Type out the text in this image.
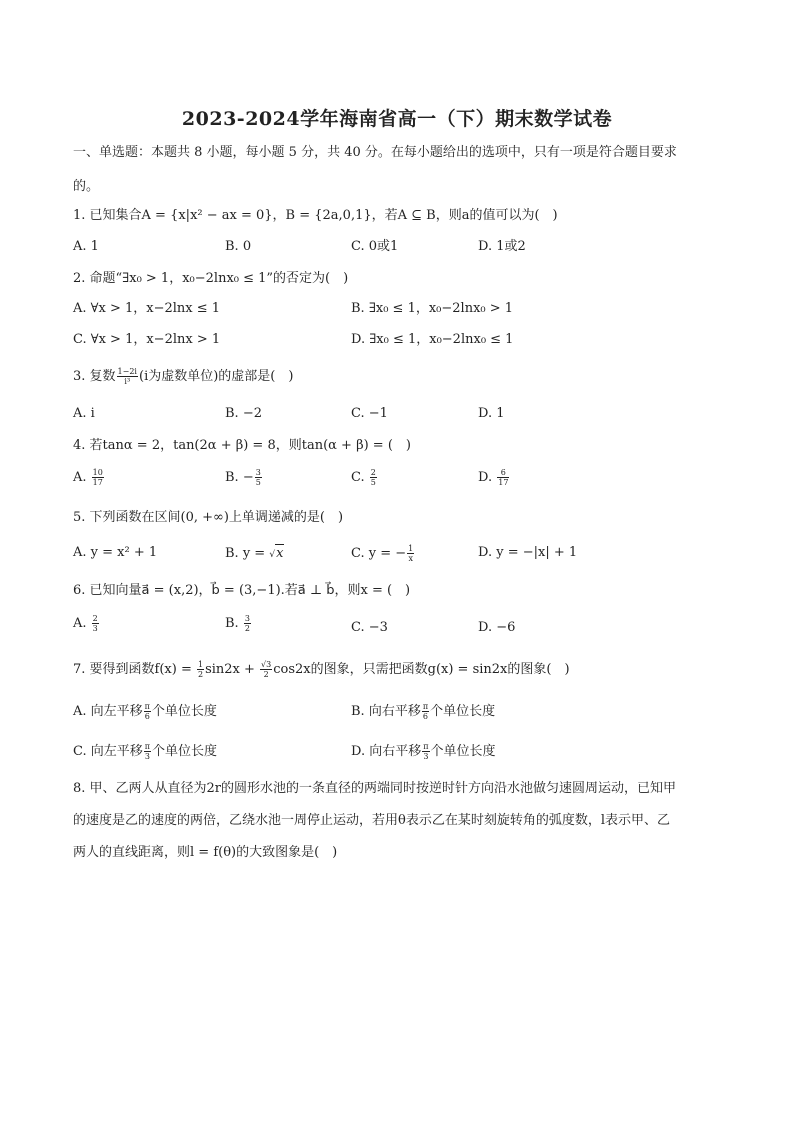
2023-2024学年海南省高一（下）期末数学试卷
一、单选题：本题共 8 小题，每小题 5 分，共 40 分。在每小题给出的选项中，只有一项是符合题目要求
的。
1. 已知集合A = {x|x² − ax = 0}，B = {2a,0,1}，若A ⊆ B，则a的值可以为(　)
A. 1	B. 0	C. 0或1	D. 1或2
2. 命题“∃x₀ > 1，x₀−2lnx₀ ≤ 1”的否定为(　)
A. ∀x > 1，x−2lnx ≤ 1	B. ∃x₀ ≤ 1，x₀−2lnx₀ > 1
C. ∀x > 1，x−2lnx > 1	D. ∃x₀ ≤ 1，x₀−2lnx₀ ≤ 1
3. 复数 $\frac{1-2i}{\text{i³}} (i$为虚数单位)的虚部是(　)
A. i	B. −2	C. −1	D. 1
4. 若tanα = 2，tan(2α + β) = 8，则tan(α + β) = (　)
A. $\frac{10}{17}$	B. − $\frac{3}{5}$	C. $\frac{2}{5}$	D. $\frac{6}{17}$
5. 下列函数在区间(0, +∞)上单调递减的是(　)
A. y = x² + 1	B. y = √x	C. y = − $\frac{1}{x}$	D. y = −|x| + 1
6. 已知向量a⃗ = (x,2)，b⃗ = (3,−1).若a⃗ ⊥ b⃗，则x = (　)
A. $\frac{2}{3}$	B. $\frac{3}{2}$	C. −3	D. −6
7. 要得到函数$f(x) = \frac{1}{2} \sin 2x + \frac{√3}{2} \cos 2x$的图象，只需把函数g(x) = sin2x的图象(　)
A. 向左平移 $\frac{\pi}{6}$ 个单位长度	B. 向右平移 $\frac{\pi}{6}$ 个单位长度
C. 向左平移 $\frac{\pi}{3}$ 个单位长度	D. 向右平移 $\frac{\pi}{3}$ 个单位长度
8. 甲、乙两人从直径为2r的圆形水池的一条直径的两端同时按逆时针方向沿水池做匀速圆周运动，已知甲
的速度是乙的速度的两倍，乙绕水池一周停止运动，若用θ表示乙在某时刻旋转角的弧度数，l表示甲、乙
两人的直线距离，则l = f(θ)的大致图象是(　)
